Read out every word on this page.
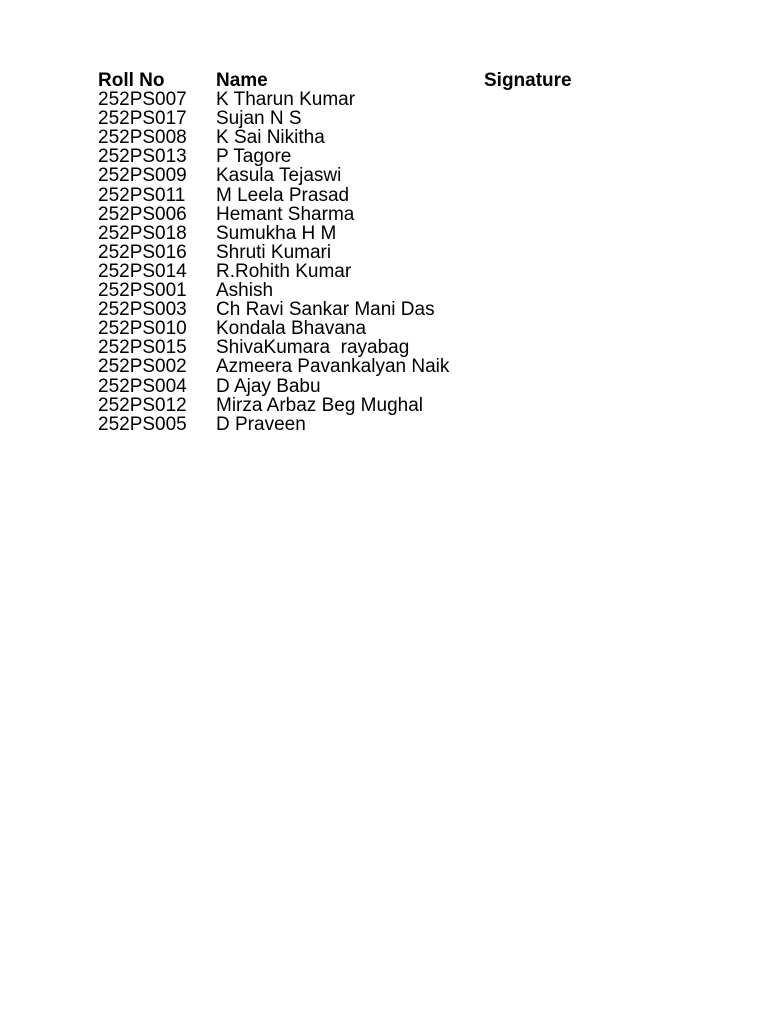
Roll No

	Name

	Signature

252PS007

K Tharun Kumar

252PS017

Sujan N S

252PS008

K Sai Nikitha

252PS013

P Tagore

252PS009

Kasula Tejaswi

252PS011

M Leela Prasad

252PS006

Hemant Sharma

252PS018

Sumukha H M

252PS016

Shruti Kumari

252PS014

R.Rohith Kumar

252PS001

Ashish

252PS003

Ch Ravi Sankar Mani Das

252PS010

Kondala Bhavana

252PS015

ShivaKumara  rayabag

252PS002

Azmeera Pavankalyan Naik

252PS004

D Ajay Babu

252PS012

Mirza Arbaz Beg Mughal

252PS005

D Praveen
